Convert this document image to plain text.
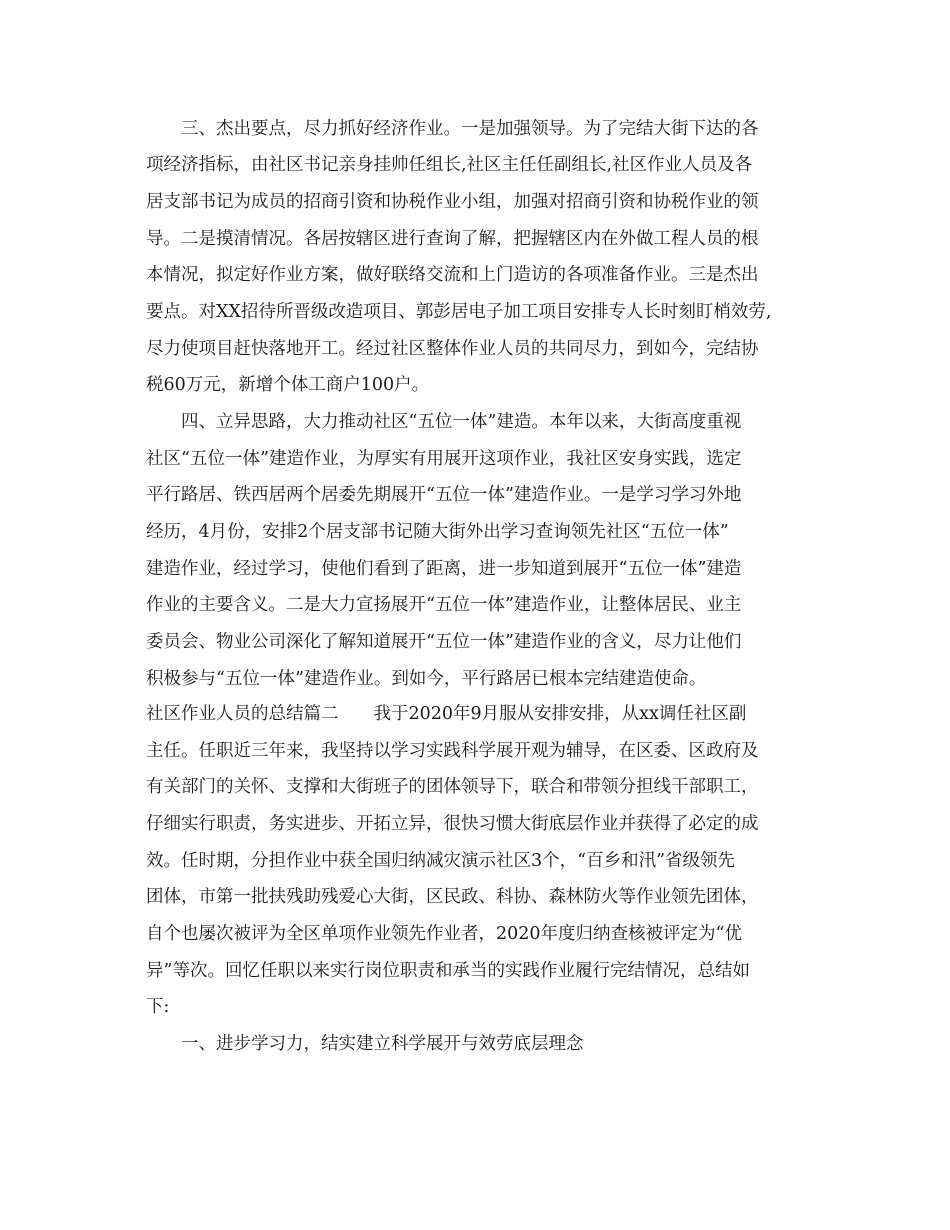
三、杰出要点，尽力抓好经济作业。一是加强领导。为了完结大街下达的各
项经济指标，由社区书记亲身挂帅任组长,社区主任任副组长,社区作业人员及各
居支部书记为成员的招商引资和协税作业小组，加强对招商引资和协税作业的领
导。二是摸清情况。各居按辖区进行查询了解，把握辖区内在外做工程人员的根
本情况，拟定好作业方案，做好联络交流和上门造访的各项准备作业。三是杰出
要点。对XX招待所晋级改造项目、郭彭居电子加工项目安排专人长时刻盯梢效劳,
尽力使项目赶快落地开工。经过社区整体作业人员的共同尽力，到如今，完结协
税60万元，新增个体工商户100户。
四、立异思路，大力推动社区“五位一体”建造。本年以来，大街高度重视
社区“五位一体”建造作业，为厚实有用展开这项作业，我社区安身实践，选定
平行路居、铁西居两个居委先期展开“五位一体”建造作业。一是学习学习外地
经历，4月份，安排2个居支部书记随大街外出学习查询领先社区“五位一体”
建造作业，经过学习，使他们看到了距离，进一步知道到展开“五位一体”建造
作业的主要含义。二是大力宣扬展开“五位一体”建造作业，让整体居民、业主
委员会、物业公司深化了解知道展开“五位一体”建造作业的含义，尽力让他们
积极参与“五位一体”建造作业。到如今，平行路居已根本完结建造使命。
社区作业人员的总结篇二　　我于2020年9月服从安排安排，从xx调任社区副
主任。任职近三年来，我坚持以学习实践科学展开观为辅导，在区委、区政府及
有关部门的关怀、支撑和大街班子的团体领导下，联合和带领分担线干部职工，
仔细实行职责，务实进步、开拓立异，很快习惯大街底层作业并获得了必定的成
效。任时期，分担作业中获全国归纳减灾演示社区3个，“百乡和汛”省级领先
团体，市第一批扶残助残爱心大街，区民政、科协、森林防火等作业领先团体，
自个也屡次被评为全区单项作业领先作业者，2020年度归纳查核被评定为“优
异”等次。回忆任职以来实行岗位职责和承当的实践作业履行完结情况，总结如
下:
一、进步学习力，结实建立科学展开与效劳底层理念
